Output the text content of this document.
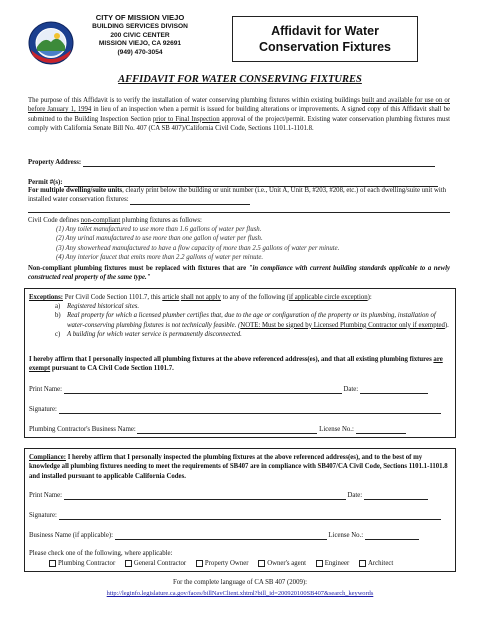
CITY OF MISSION VIEJO
BUILDING SERVICES DIVISON
200 CIVIC CENTER
MISSION VIEJO, CA 92691
(949) 470-3054
Affidavit for Water
Conservation Fixtures
AFFIDAVIT FOR WATER CONSERVING FIXTURES
The purpose of this Affidavit is to verify the installation of water conserving plumbing fixtures within existing buildings built and available for use on or before January 1, 1994 in lieu of an inspection when a permit is issued for building alterations or improvements. A signed copy of this Affidavit shall be submitted to the Building Inspection Section prior to Final Inspection approval of the project/permit. Existing water conservation plumbing fixtures must comply with California Senate Bill No. 407 (CA SB 407)/California Civil Code, Sections 1101.1-1101.8.
Property Address:
Permit #(s):
For multiple dwelling/suite units, clearly print below the building or unit number (i.e., Unit A, Unit B, #203, #208, etc.) of each dwelling/suite unit with installed water conservation fixtures:
Civil Code defines non-compliant plumbing fixtures as follows:
(1) Any toilet manufactured to use more than 1.6 gallons of water per flush.
(2) Any urinal manufactured to use more than one gallon of water per flush.
(3) Any showerhead manufactured to have a flow capacity of more than 2.5 gallons of water per minute.
(4) Any interior faucet that emits more than 2.2 gallons of water per minute.
Non-compliant plumbing fixtures must be replaced with fixtures that are "in compliance with current building standards applicable to a newly constructed real property of the same type."
Exceptions: Per Civil Code Section 1101.7, this article shall not apply to any of the following (if applicable circle exception):
a) Registered historical sites.
b) Real property for which a licensed plumber certifies that, due to the age or configuration of the property or its plumbing, installation of water-conserving plumbing fixtures is not technically feasible. (NOTE: Must be signed by Licensed Plumbing Contractor only if exempted).
c) A building for which water service is permanently disconnected.
I hereby affirm that I personally inspected all plumbing fixtures at the above referenced address(es), and that all existing plumbing fixtures are exempt pursuant to CA Civil Code Section 1101.7.
Print Name:	Date:
Signature:
Plumbing Contractor's Business Name:	License No.:
Compliance: I hereby affirm that I personally inspected the plumbing fixtures at the above referenced address(es), and to the best of my knowledge all plumbing fixtures needing to meet the requirements of SB407 are in compliance with SB407/CA Civil Code, Sections 1101.1-1101.8 and installed pursuant to applicable California Codes.
Print Name:	Date:
Signature:
Business Name (if applicable):	License No.:
Please check one of the following, where applicable:
Plumbing Contractor	General Contractor	Property Owner	Owner's agent	Engineer	Architect
For the complete language of CA SB 407 (2009):
http://leginfo.legislature.ca.gov/faces/billNavClient.xhtml?bill_id=200920100SB407&search_keywords
